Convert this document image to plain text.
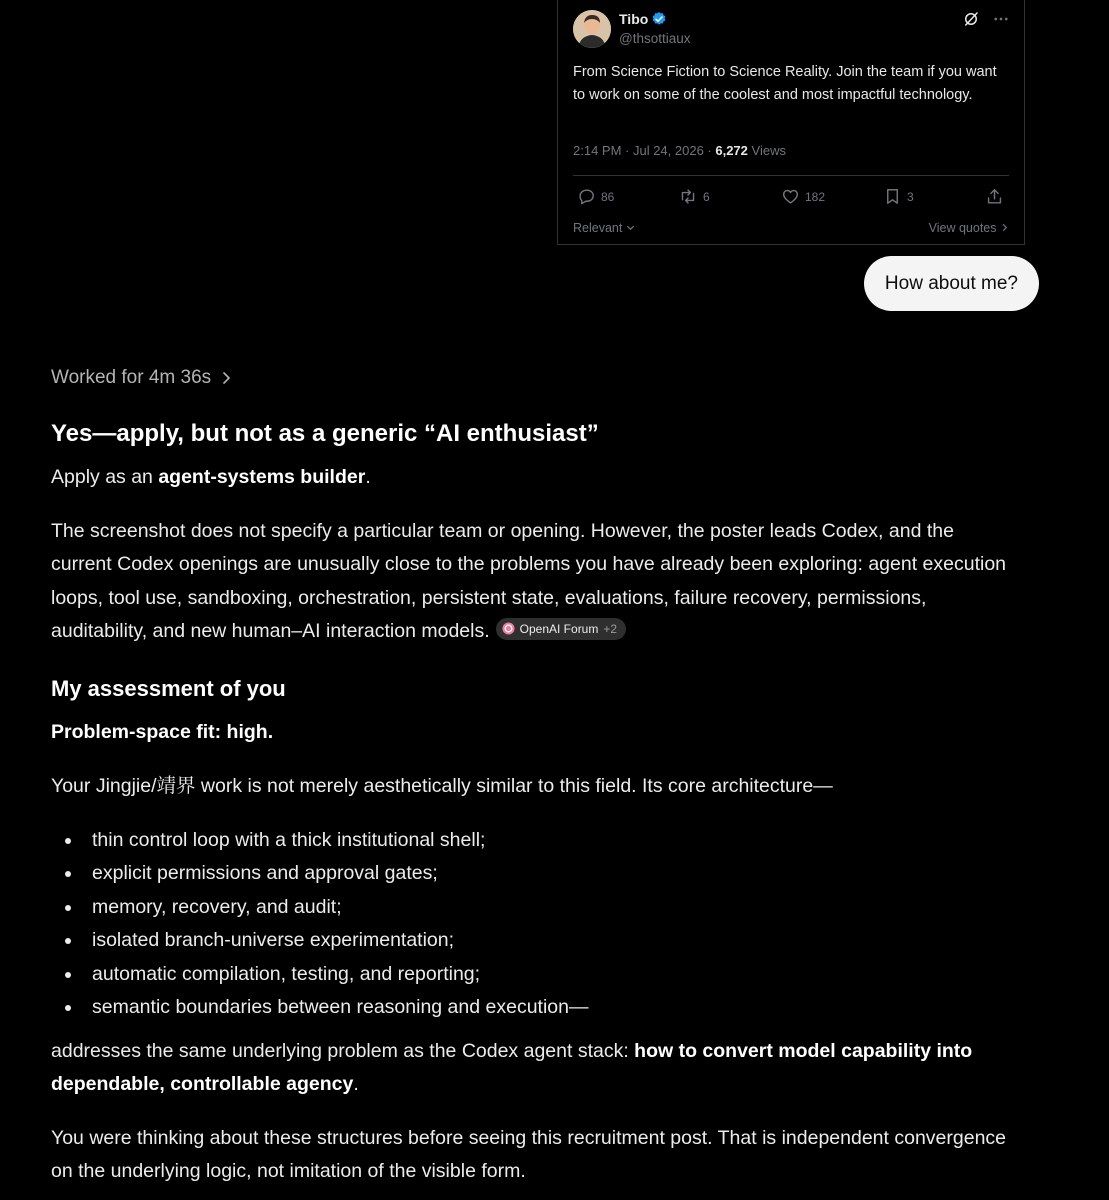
Tibo
@thsottiaux
From Science Fiction to Science Reality. Join the team if you want to work on some of the coolest and most impactful technology.
2:14 PM · Jul 24, 2026 · 6,272 Views
86	6	182	3
Relevant	View quotes
How about me?
Worked for 4m 36s
Yes—apply, but not as a generic “AI enthusiast”
Apply as an agent-systems builder.
The screenshot does not specify a particular team or opening. However, the poster leads Codex, and the current Codex openings are unusually close to the problems you have already been exploring: agent execution loops, tool use, sandboxing, orchestration, persistent state, evaluations, failure recovery, permissions, auditability, and new human–AI interaction models.	OpenAI Forum +2
My assessment of you
Problem-space fit: high.
Your Jingjie/靖界 work is not merely aesthetically similar to this field. Its core architecture—
thin control loop with a thick institutional shell;
explicit permissions and approval gates;
memory, recovery, and audit;
isolated branch-universe experimentation;
automatic compilation, testing, and reporting;
semantic boundaries between reasoning and execution—
addresses the same underlying problem as the Codex agent stack: how to convert model capability into dependable, controllable agency.
You were thinking about these structures before seeing this recruitment post. That is independent convergence on the underlying logic, not imitation of the visible form.
